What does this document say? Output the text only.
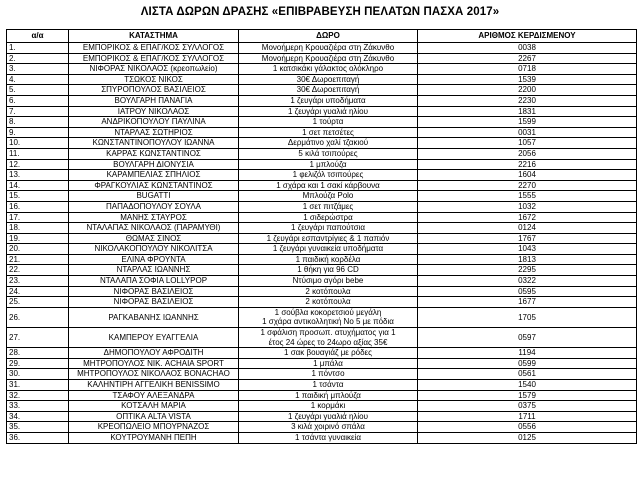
ΛΙΣΤΑ ΔΩΡΩΝ ΔΡΑΣΗΣ «ΕΠΙΒΡΑΒΕΥΣΗ ΠΕΛΑΤΩΝ ΠΑΣΧΑ 2017»
α/α	ΚΑΤΑΣΤΗΜΑ	ΔΩΡΟ	ΑΡΙΘΜΟΣ ΚΕΡΔΙΣΜΕΝΟΥ
1.	ΕΜΠΟΡΙΚΟΣ & ΕΠΑΓ/ΚΟΣ ΣΥΛΛΟΓΟΣ	Μονοήμερη Κρουαζιέρα στη Ζάκυνθο	0038
2.	ΕΜΠΟΡΙΚΟΣ & ΕΠΑΓ/ΚΟΣ ΣΥΛΛΟΓΟΣ	Μονοήμερη Κρουαζιέρα στη Ζάκυνθο	2267
3.	ΝΙΦΟΡΑΣ ΝΙΚΟΛΑΟΣ (κρεοπωλείο)	1 κατσικάκι γάλακτος ολόκληρο	0718
4.	ΤΣΩΚΟΣ ΝΙΚΟΣ	30€ Δωροεπιταγή	1539
5.	ΣΠΥΡΟΠΟΥΛΟΣ ΒΑΣΙΛΕΙΟΣ	30€ Δωροεπιταγή	2200
6.	ΒΟΥΛΓΑΡΗ ΠΑΝΑΓΙΑ	1 ζευγάρι υποδήματα	2230
7.	ΙΑΤΡΟΥ ΝΙΚΟΛΑΟΣ	1 ζευγάρι γυαλιά ηλίου	1831
8.	ΑΝΔΡΙΚΟΠΟΥΛΟΥ ΠΑΥΛΙΝΑ	1 τούρτα	1599
9.	ΝΤΑΡΛΑΣ ΣΩΤΗΡΙΟΣ	1 σετ πετσέτες	0031
10.	ΚΩΝΣΤΑΝΤΙΝΟΠΟΥΛΟΥ ΙΩΑΝΝΑ	Δερμάτινο χαλί τζακιού	1057
11.	ΚΑΡΡΑΣ ΚΩΝΣΤΑΝΤΙΝΟΣ	5 κιλά τσιπούρες	2056
12.	ΒΟΥΛΓΑΡΗ ΔΙΟΝΥΣΙΑ	1 μπλούζα	2216
13.	ΚΑΡΑΜΠΕΛΙΑΣ ΣΠΗΛΙΟΣ	1 φελιζόλ τσιπούρες	1604
14.	ΦΡΑΓΚΟΥΛΙΑΣ ΚΩΝΣΤΑΝΤΙΝΟΣ	1 σχάρα και 1 σακί κάρβουνα	2270
15.	BUGATTI	Μπλούζα Polo	1555
16.	ΠΑΠΑΔΟΠΟΥΛΟΥ ΣΟΥΛΑ	1 σετ πιτζάμες	1032
17.	ΜΑΝΗΣ ΣΤΑΥΡΟΣ	1 σιδερώστρα	1672
18.	ΝΤΑΛΑΠΑΣ ΝΙΚΟΛΑΟΣ (ΠΑΡΑΜΥΘΙ)	1 ζευγάρι παπούτσια	0124
19.	ΘΩΜΑΣ ΣΙΝΟΣ	1 ζευγάρι εσπαντρίγιες & 1 παπιόν	1767
20.	ΝΙΚΟΛΑΚΟΠΟΥΛΟΥ ΝΙΚΟΛΙΤΣΑ	1 ζευγάρι γυναικεία υποδήματα	1043
21.	ΕΛΙΝΑ ΦΡΟΥΝΤΑ	1 παιδική κορδέλα	1813
22.	ΝΤΑΡΛΑΣ ΙΩΑΝΝΗΣ	1 θήκη για 96 CD	2295
23.	ΝΤΑΛΑΠΑ ΣΟΦΙΑ LOLLYPOP	Ντύσιμο αγόρι bebe	0322
24.	ΝΙΦΟΡΑΣ ΒΑΣΙΛΕΙΟΣ	2 κοτόπουλα	0595
25.	ΝΙΦΟΡΑΣ ΒΑΣΙΛΕΙΟΣ	2 κοτόπουλα	1677
26.	ΡΑΓΚΑΒΑΝΗΣ ΙΩΑΝΝΗΣ	1 σούβλα κοκορετσιού μεγάλη
1 σχάρα αντικολλητική Νο 5 με πόδια	1705
27.	ΚΑΜΠΕΡΟΥ ΕΥΑΓΓΕΛΙΑ	1 σφάλιση προσωπ. ατυχήματος για 1
έτος 24 ώρες το 24ωρο αξίας 35€	0597
28.	ΔΗΜΟΠΟΥΛΟΥ ΑΦΡΟΔΙΤΗ	1 σακ βουαγιάζ με ρόδες	1194
29.	ΜΗΤΡΟΠΟΥΛΟΣ ΝΙΚ. ACHAIA SPORT	1 μπάλα	0599
30.	ΜΗΤΡΟΠΟΥΛΟΣ ΝΙΚΟΛΑΟΣ BONACHAO	1 πόντσο	0561
31.	ΚΑΛΗΝΤΙΡΗ ΑΓΓΕΛΙΚΗ BENISSIMO	1 τσάντα	1540
32.	ΤΣΑΦΟΥ ΑΛΕΞΑΝΔΡΑ	1 παιδική μπλούζα	1579
33.	ΚΟΤΣΑΛΗ ΜΑΡΙΑ	1 κορμάκι	0375
34.	ΟΠΤΙΚΑ ALTA VISTA	1 ζευγάρι γυαλιά ηλίου	1711
35.	ΚΡΕΟΠΩΛΕΙΟ ΜΠΟΥΡΝΑΖΟΣ	3 κιλά χοιρινό σπάλα	0556
36.	ΚΟΥΤΡΟΥΜΑΝΗ ΠΕΠΗ	1 τσάντα γυναικεία	0125
